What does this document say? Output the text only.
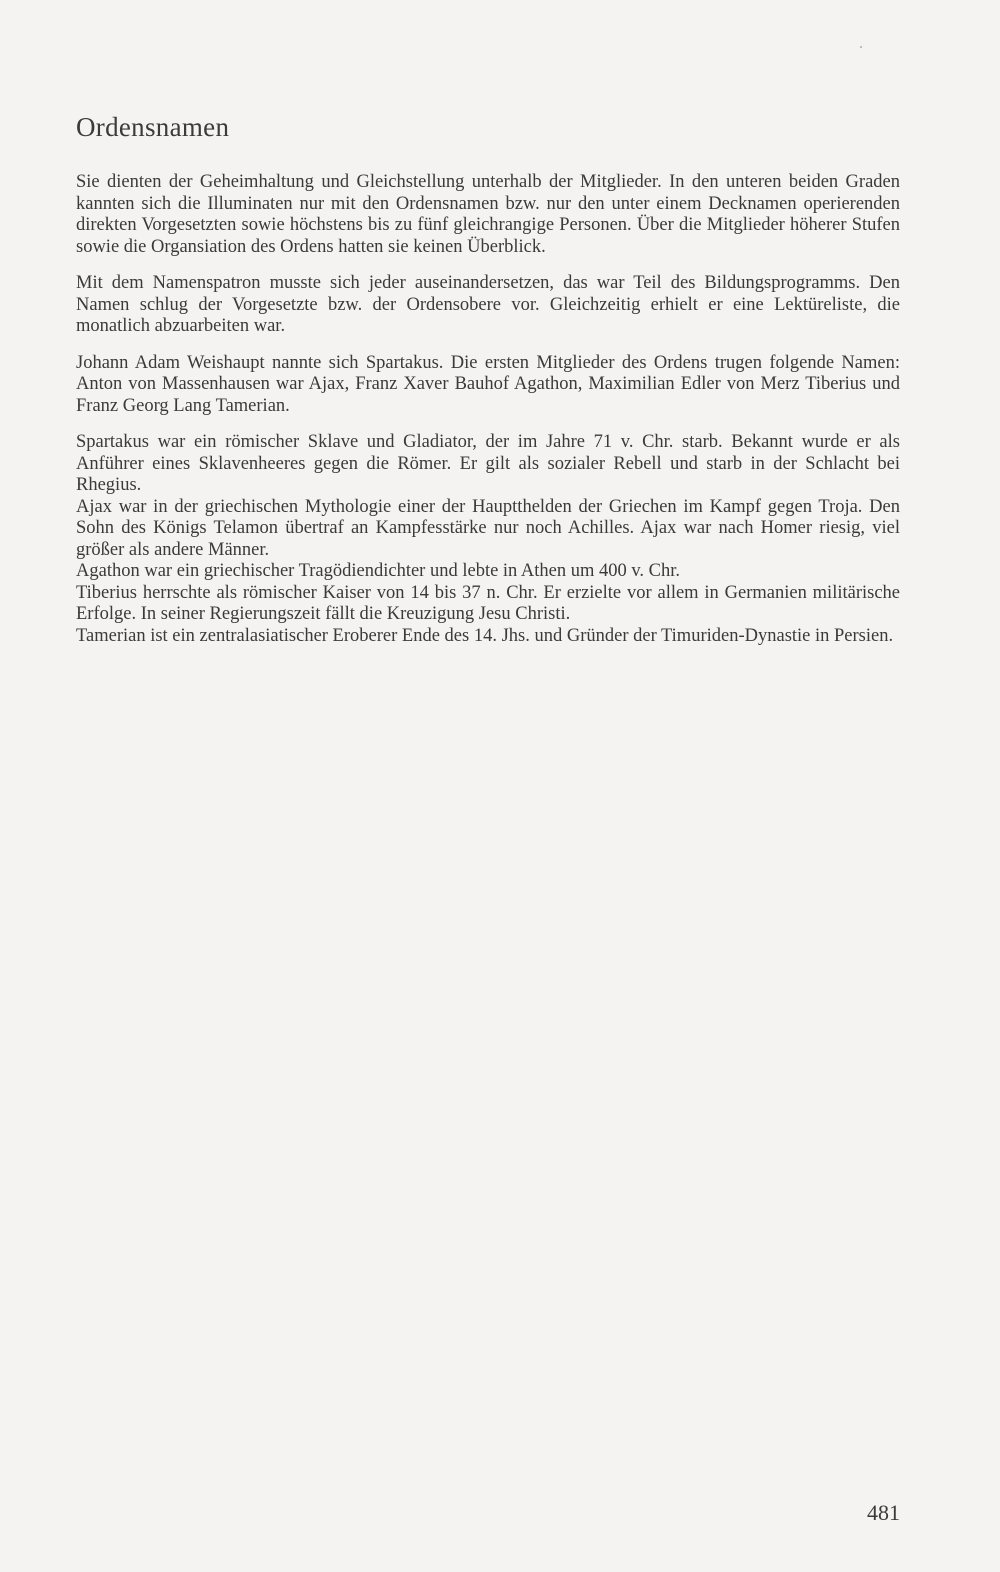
Ordensnamen

Sie dienten der Geheimhaltung und Gleichstellung unterhalb der Mitglieder. In den unteren beiden Graden kannten sich die Illuminaten nur mit den Ordensnamen bzw. nur den unter einem Decknamen operierenden direkten Vorgesetzten sowie höchstens bis zu fünf gleichrangige Personen. Über die Mitglieder höherer Stufen sowie die Organsiation des Ordens hatten sie keinen Überblick.

Mit dem Namenspatron musste sich jeder auseinandersetzen, das war Teil des Bildungsprogramms. Den Namen schlug der Vorgesetzte bzw. der Ordensobere vor. Gleichzeitig erhielt er eine Lektüreliste, die monatlich abzuarbeiten war.

Johann Adam Weishaupt nannte sich Spartakus. Die ersten Mitglieder des Ordens trugen folgende Namen: Anton von Massenhausen war Ajax, Franz Xaver Bauhof Agathon, Maximilian Edler von Merz Tiberius und Franz Georg Lang Tamerian.

Spartakus war ein römischer Sklave und Gladiator, der im Jahre 71 v. Chr. starb. Bekannt wurde er als Anführer eines Sklavenheeres gegen die Römer. Er gilt als sozialer Rebell und starb in der Schlacht bei Rhegius.

Ajax war in der griechischen Mythologie einer der Hauptthelden der Griechen im Kampf gegen Troja. Den Sohn des Königs Telamon übertraf an Kampfesstärke nur noch Achilles. Ajax war nach Homer riesig, viel größer als andere Männer.

Agathon war ein griechischer Tragödiendichter und lebte in Athen um 400 v. Chr.

Tiberius herrschte als römischer Kaiser von 14 bis 37 n. Chr. Er erzielte vor allem in Germanien militärische Erfolge. In seiner Regierungszeit fällt die Kreuzigung Jesu Christi.

Tamerian ist ein zentralasiatischer Eroberer Ende des 14. Jhs. und Gründer der Timuriden-Dynastie in Persien.

481
